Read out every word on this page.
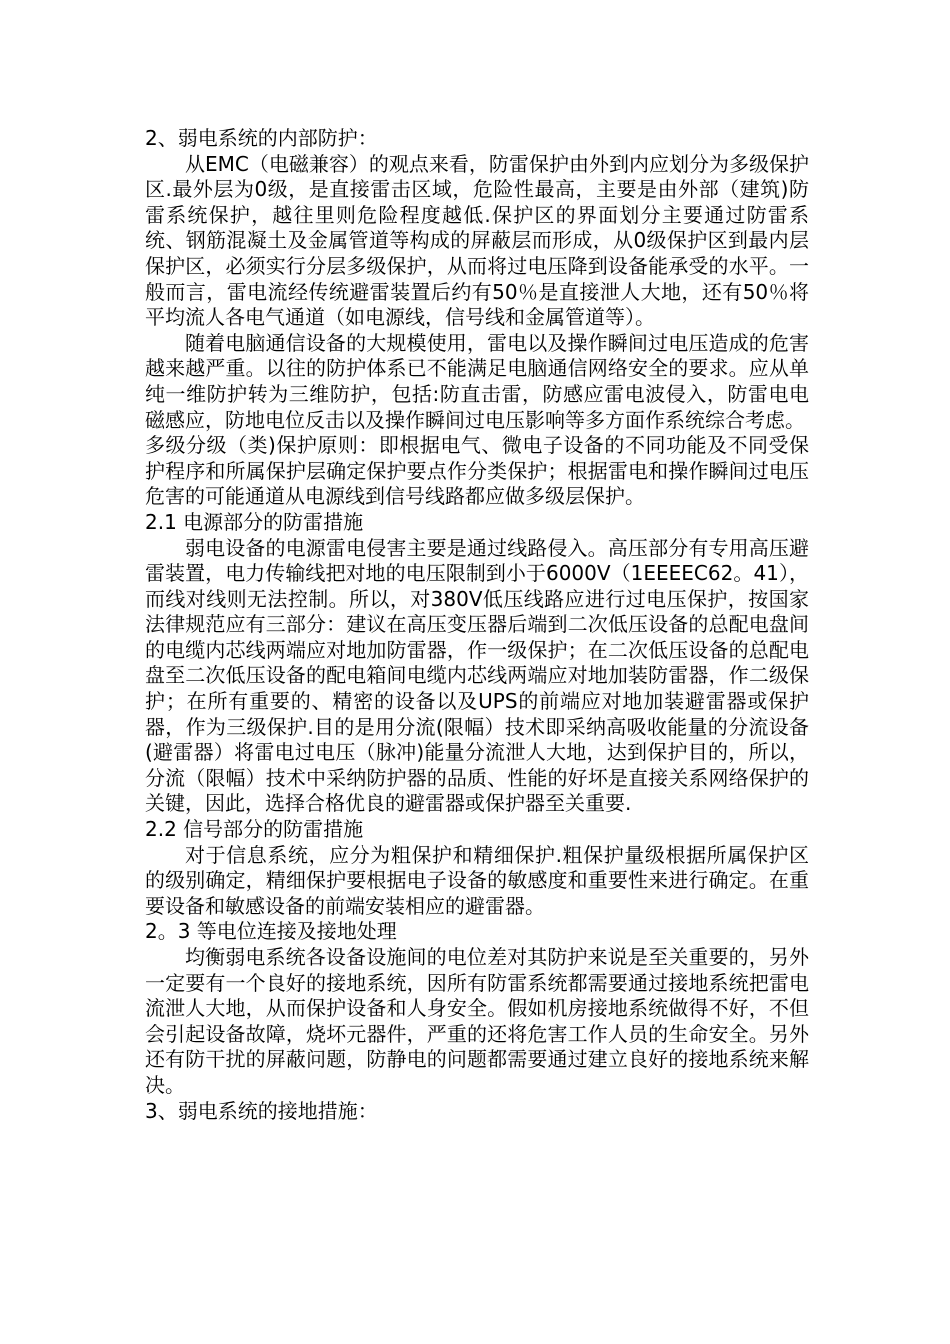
2、弱电系统的内部防护：

从EMC（电磁兼容）的观点来看，防雷保护由外到内应划分为多级保护区.最外层为0级，是直接雷击区域，危险性最高，主要是由外部（建筑)防雷系统保护，越往里则危险程度越低.保护区的界面划分主要通过防雷系统、钢筋混凝土及金属管道等构成的屏蔽层而形成，从0级保护区到最内层保护区，必须实行分层多级保护，从而将过电压降到设备能承受的水平。一般而言，雷电流经传统避雷装置后约有50％是直接泄人大地，还有50％将平均流人各电气通道（如电源线，信号线和金属管道等）。

随着电脑通信设备的大规模使用，雷电以及操作瞬间过电压造成的危害越来越严重。以往的防护体系已不能满足电脑通信网络安全的要求。应从单纯一维防护转为三维防护，包括:防直击雷，防感应雷电波侵入，防雷电电磁感应，防地电位反击以及操作瞬间过电压影响等多方面作系统综合考虑。

多级分级（类)保护原则：即根据电气、微电子设备的不同功能及不同受保护程序和所属保护层确定保护要点作分类保护；根据雷电和操作瞬间过电压危害的可能通道从电源线到信号线路都应做多级层保护。

2.1 电源部分的防雷措施

弱电设备的电源雷电侵害主要是通过线路侵入。高压部分有专用高压避雷装置，电力传输线把对地的电压限制到小于6000V（1EEEEC62。41），而线对线则无法控制。所以，对380V低压线路应进行过电压保护，按国家法律规范应有三部分：建议在高压变压器后端到二次低压设备的总配电盘间的电缆内芯线两端应对地加防雷器，作一级保护；在二次低压设备的总配电盘至二次低压设备的配电箱间电缆内芯线两端应对地加装防雷器，作二级保护；在所有重要的、精密的设备以及UPS的前端应对地加装避雷器或保护器，作为三级保护.目的是用分流(限幅）技术即采纳高吸收能量的分流设备(避雷器）将雷电过电压（脉冲)能量分流泄人大地，达到保护目的，所以，分流（限幅）技术中采纳防护器的品质、性能的好坏是直接关系网络保护的关键，因此，选择合格优良的避雷器或保护器至关重要.

2.2 信号部分的防雷措施

对于信息系统，应分为粗保护和精细保护.粗保护量级根据所属保护区的级别确定，精细保护要根据电子设备的敏感度和重要性来进行确定。在重要设备和敏感设备的前端安装相应的避雷器。

2。3 等电位连接及接地处理

均衡弱电系统各设备设施间的电位差对其防护来说是至关重要的，另外一定要有一个良好的接地系统，因所有防雷系统都需要通过接地系统把雷电流泄人大地，从而保护设备和人身安全。假如机房接地系统做得不好，不但会引起设备故障，烧坏元器件，严重的还将危害工作人员的生命安全。另外还有防干扰的屏蔽问题，防静电的问题都需要通过建立良好的接地系统来解决。

3、弱电系统的接地措施：
